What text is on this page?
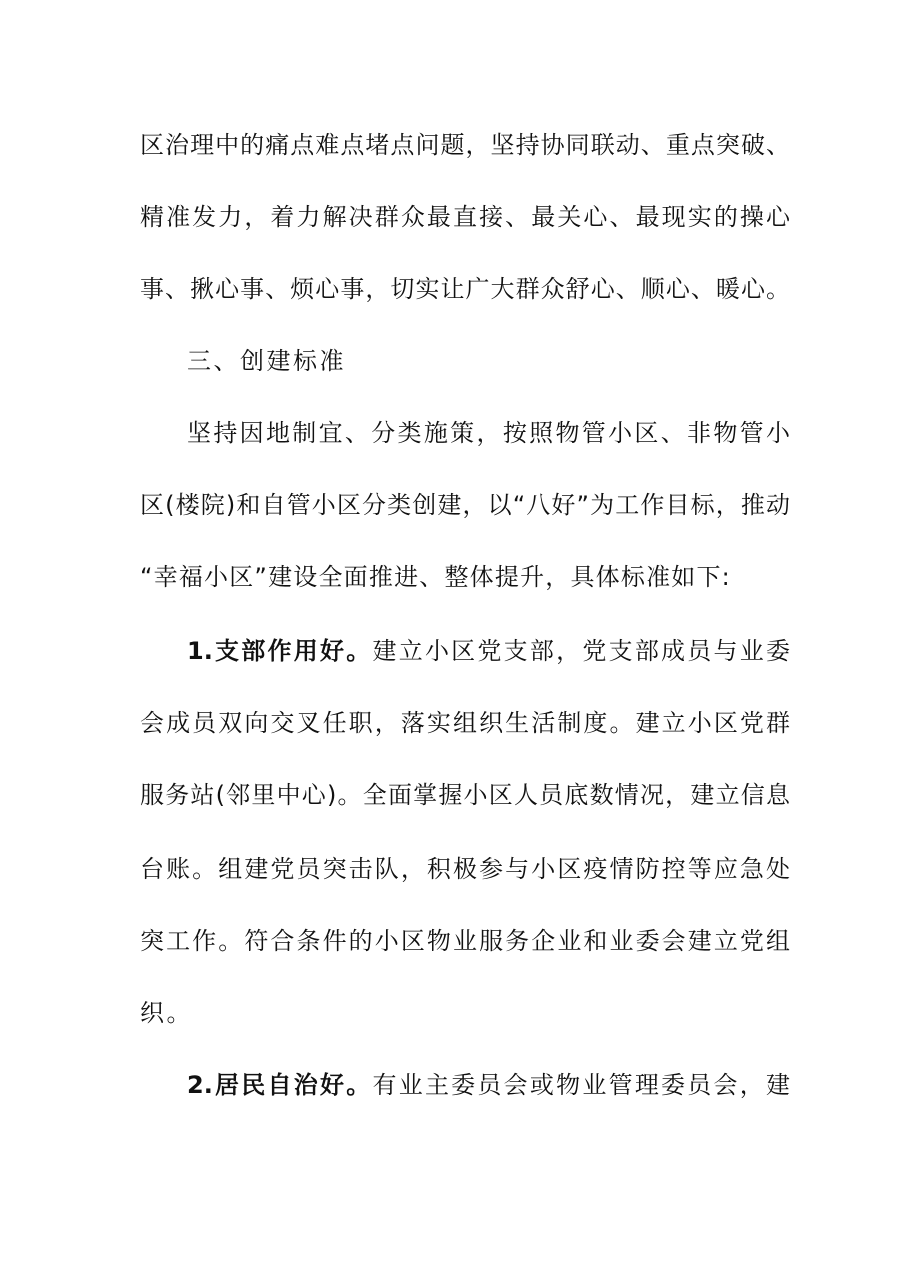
区治理中的痛点难点堵点问题，坚持协同联动、重点突破、
精准发力，着力解决群众最直接、最关心、最现实的操心
事、揪心事、烦心事，切实让广大群众舒心、顺心、暖心。
三、创建标准
坚持因地制宜、分类施策，按照物管小区、非物管小
区(楼院)和自管小区分类创建，以“八好”为工作目标，推动
“幸福小区”建设全面推进、整体提升，具体标准如下:
1.支部作用好。建立小区党支部，党支部成员与业委
会成员双向交叉任职，落实组织生活制度。建立小区党群
服务站(邻里中心)。全面掌握小区人员底数情况，建立信息
台账。组建党员突击队，积极参与小区疫情防控等应急处
突工作。符合条件的小区物业服务企业和业委会建立党组
织。
2.居民自治好。有业主委员会或物业管理委员会，建
